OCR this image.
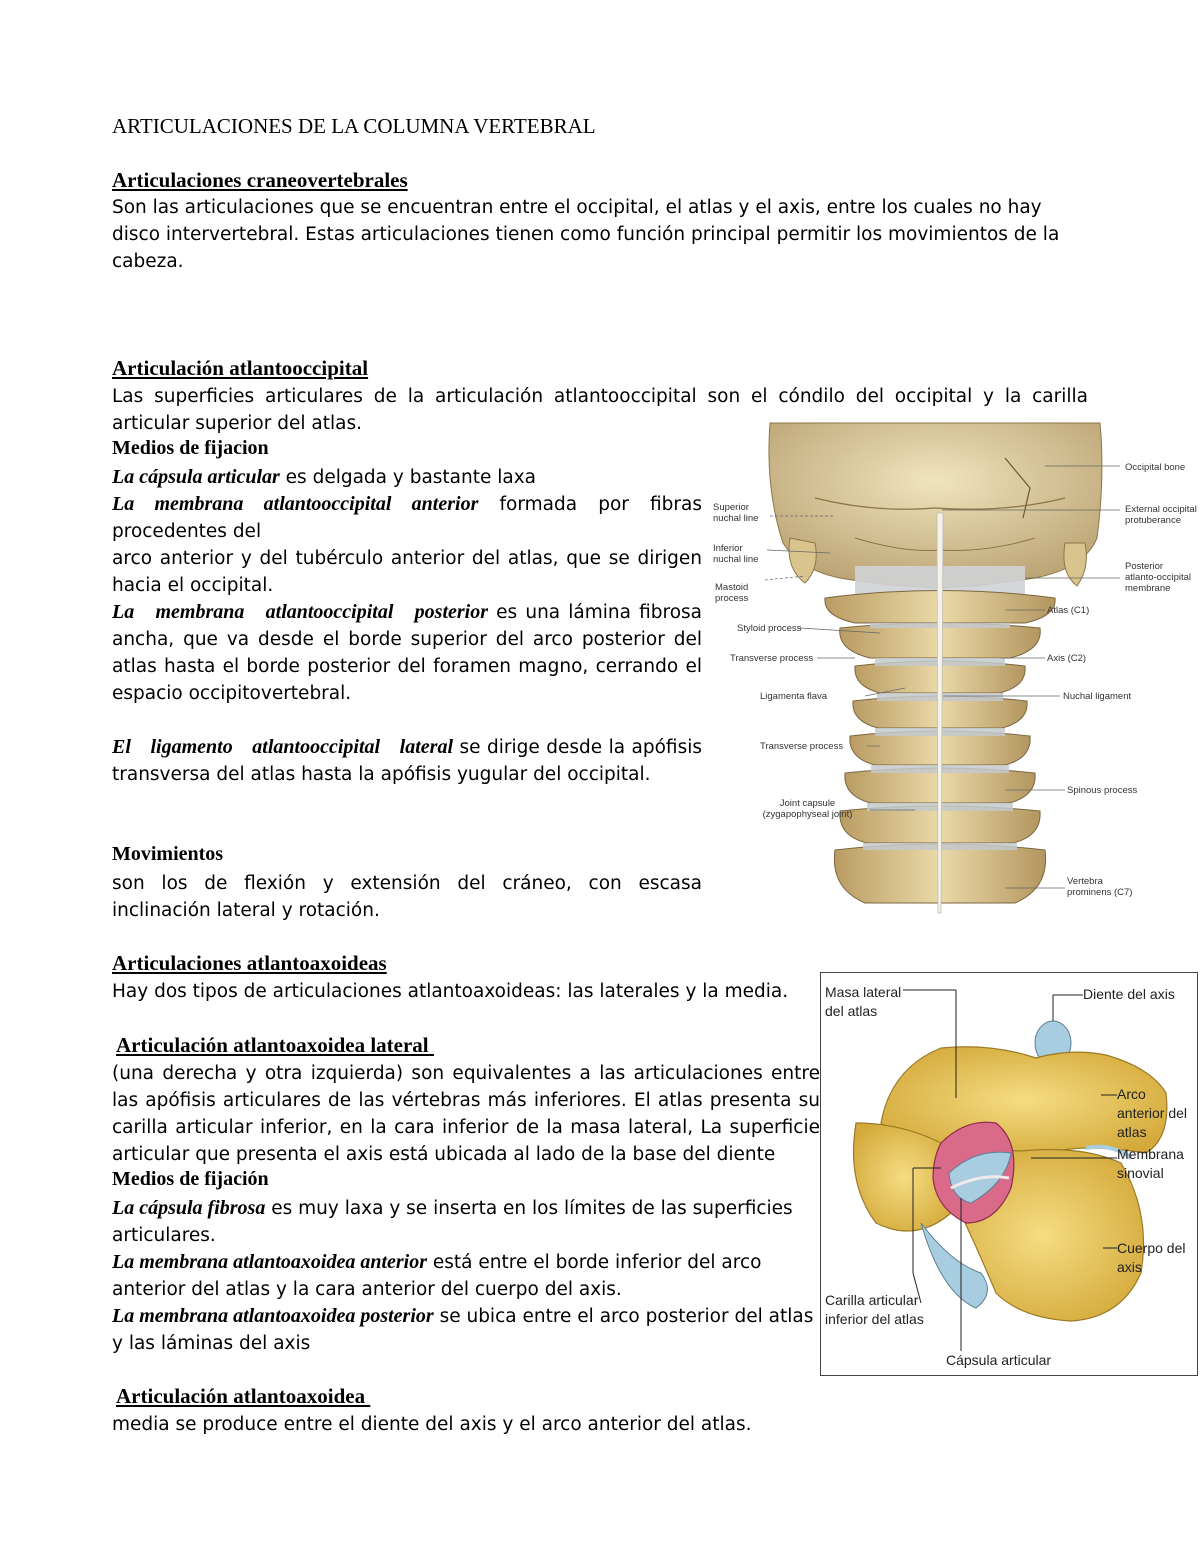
ARTICULACIONES DE LA COLUMNA VERTEBRAL
Articulaciones craneovertebrales
Son las articulaciones que se encuentran entre el occipital, el atlas y el axis, entre los cuales no hay disco intervertebral. Estas articulaciones tienen como función principal permitir los movimientos de la cabeza.
Articulación atlantooccipital
Las superficies articulares de la articulación atlantooccipital son el cóndilo del occipital y la carilla articular superior del atlas.
Medios de fijacion
La cápsula articular es delgada y bastante laxa
La membrana atlantooccipital anterior formada por fibras procedentes del
arco anterior y del tubérculo anterior del atlas, que se dirigen hacia el occipital.
La membrana atlantooccipital posterior es una lámina fibrosa ancha, que va desde el borde superior del arco posterior del atlas hasta el borde posterior del foramen magno, cerrando el espacio occipitovertebral.
El ligamento atlantooccipital lateral se dirige desde la apófisis transversa del atlas hasta la apófisis yugular del occipital.
Movimientos
son los de flexión y extensión del cráneo, con escasa inclinación lateral y rotación.
Occipital bone
Superior nuchal line
External occipital protuberance
Inferior nuchal line
Posterior atlanto-occipital membrane
Mastoid process
Atlas (C1)
Styloid process
Transverse process	Axis (C2)
Ligamenta flava	Nuchal ligament
Transverse process
Spinous process
Joint capsule (zygapophyseal joint)
Vertebra prominens (C7)
Articulaciones atlantoaxoideas
Hay dos tipos de articulaciones atlantoaxoideas: las laterales y la media.
Articulación atlantoaxoidea lateral
(una derecha y otra izquierda) son equivalentes a las articulaciones entre las apófisis articulares de las vértebras más inferiores. El atlas presenta su carilla articular inferior, en la cara inferior de la masa lateral, La superficie articular que presenta el axis está ubicada al lado de la base del diente
Medios de fijación
La cápsula fibrosa es muy laxa y se inserta en los límites de las superficies articulares.
La membrana atlantoaxoidea anterior está entre el borde inferior del arco anterior del atlas y la cara anterior del cuerpo del axis.
La membrana atlantoaxoidea posterior se ubica entre el arco posterior del atlas y las láminas del axis
Articulación atlantoaxoidea
media se produce entre el diente del axis y el arco anterior del atlas.
Masa lateral del atlas
Diente del axis
Arco anterior del atlas
Membrana sinovial
Cuerpo del axis
Carilla articular inferior del atlas
Cápsula articular
